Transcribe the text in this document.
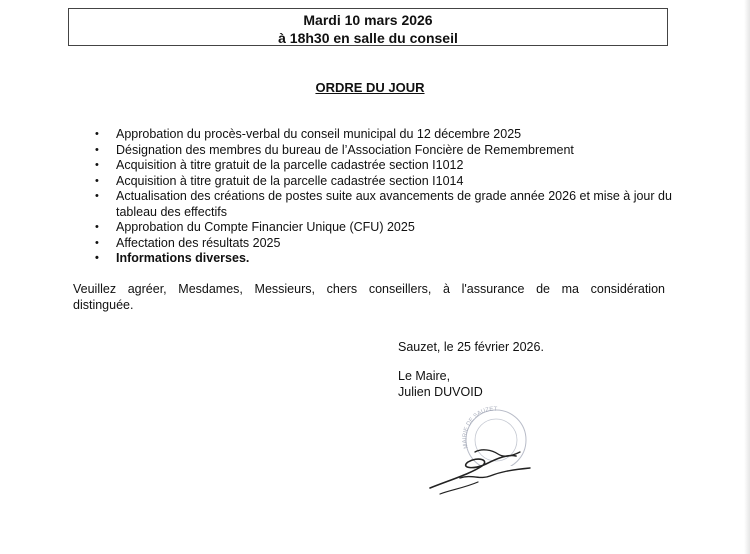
Mardi 10 mars 2026
à 18h30 en salle du conseil
ORDRE DU JOUR
• Approbation du procès-verbal du conseil municipal du 12 décembre 2025
• Désignation des membres du bureau de l’Association Foncière de Remembrement
• Acquisition à titre gratuit de la parcelle cadastrée section I1012
• Acquisition à titre gratuit de la parcelle cadastrée section I1014
• Actualisation des créations de postes suite aux avancements de grade année 2026 et mise à jour du tableau des effectifs
• Approbation du Compte Financier Unique (CFU) 2025
• Affectation des résultats 2025
• Informations diverses.
Veuillez agréer, Mesdames, Messieurs, chers conseillers, à l'assurance de ma considération
distinguée.
Sauzet, le 25 février 2026.
Le Maire,
Julien DUVOID
MAIRIE DE SAUZET
